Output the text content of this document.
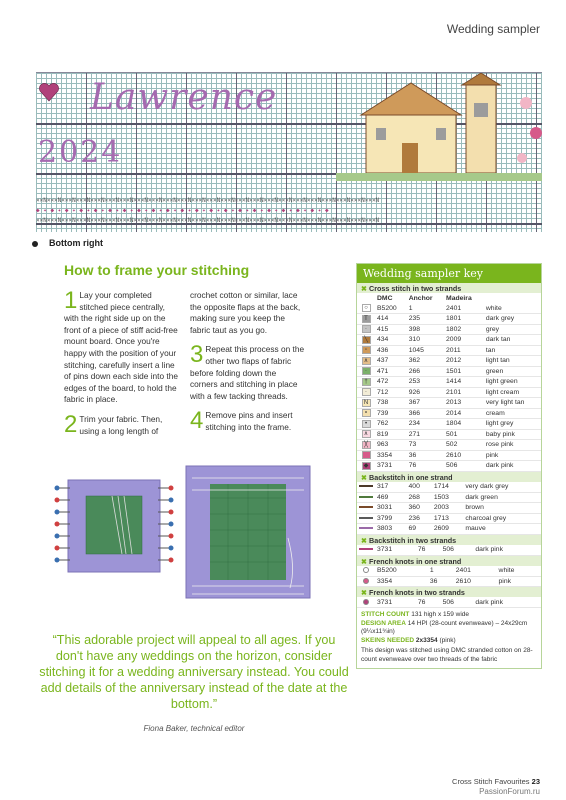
Wedding sampler
Lawrence
2024
××N×××N×××N×××N×××N×××N×××N×××N×××N×××N×××N×××N×××N×××N×××N×××N×××N×××N×××N×××N×××N×××N×××N×××N
◆ ✦ ◆ ✦ ◆ ✦ ◆ ✦ ◆ ✦ ◆ ✦ ◆ ✦ ◆ ✦ ◆ ✦ ◆ ✦ ◆ ✦ ◆ ✦ ◆ ✦ ◆ ✦ ◆ ✦ ◆ ✦ ◆ ✦ ◆ ✦ ◆ ✦ ◆ ✦ ◆
××N×××N×××N×××N×××N×××N×××N×××N×××N×××N×××N×××N×××N×××N×××N×××N×××N×××N×××N×××N×××N×××N×××N×××N
Bottom right
How to frame your stitching

1 Lay your completed stitched piece centrally, with the right side up on the front of a piece of stiff acid-free mount board. Once you're happy with the position of your stitching, carefully insert a line of pins down each side into the edges of the board, to hold the fabric in place.

2 Trim your fabric. Then, using a long length of

crochet cotton or similar, lace the opposite flaps at the back, making sure you keep the fabric taut as you go.

3 Repeat this process on the other two flaps of fabric before folding down the corners and stitching in place with a few tacking threads.

4 Remove pins and insert stitching into the frame.

“This adorable project will appeal to all ages. If you don't have any weddings on the horizon, consider stitching it for a wedding anniversary instead. You could add details of the anniversary instead of the date at the bottom.”
Fiona Baker, technical editor
Wedding sampler key
✖ Cross stitch in two strands
	DMC	Anchor	Madeira	
○	B5200	1	2401	white
T	414	235	1801	dark grey
∙	415	398	1802	grey
╲	434	310	2009	dark tan
▫	436	1045	2011	tan
∧	437	362	2012	light tan
∙	471	266	1501	green
†	472	253	1414	light green
∙	712	926	2101	light cream
N	738	367	2013	very light tan
∘	739	366	2014	cream
•	762	234	1804	light grey
∧	819	271	501	baby pink
╳	963	73	502	rose pink
	3354	36	2610	pink
◆	3731	76	506	dark pink
✖ Backstitch in one strand
	317	400	1714	very dark grey
	469	268	1503	dark green
	3031	360	2003	brown
	3799	236	1713	charcoal grey
	3803	69	2609	mauve
✖ Backstitch in two strands
	3731	76	506	dark pink
✖ French knots in one strand
	B5200	1	2401	white
	3354	36	2610	pink
✖ French knots in two strands
	3731	76	506	dark pink
STITCH COUNT 131 high x 159 wide
DESIGN AREA 14 HPI (28-count evenweave) – 24x29cm (9¼x11¾in)
SKEINS NEEDED 2x3354 (pink)
This design was stitched using DMC stranded cotton on 28-count evenweave over two threads of the fabric
Cross Stitch Favourites 23
PassionForum.ru
